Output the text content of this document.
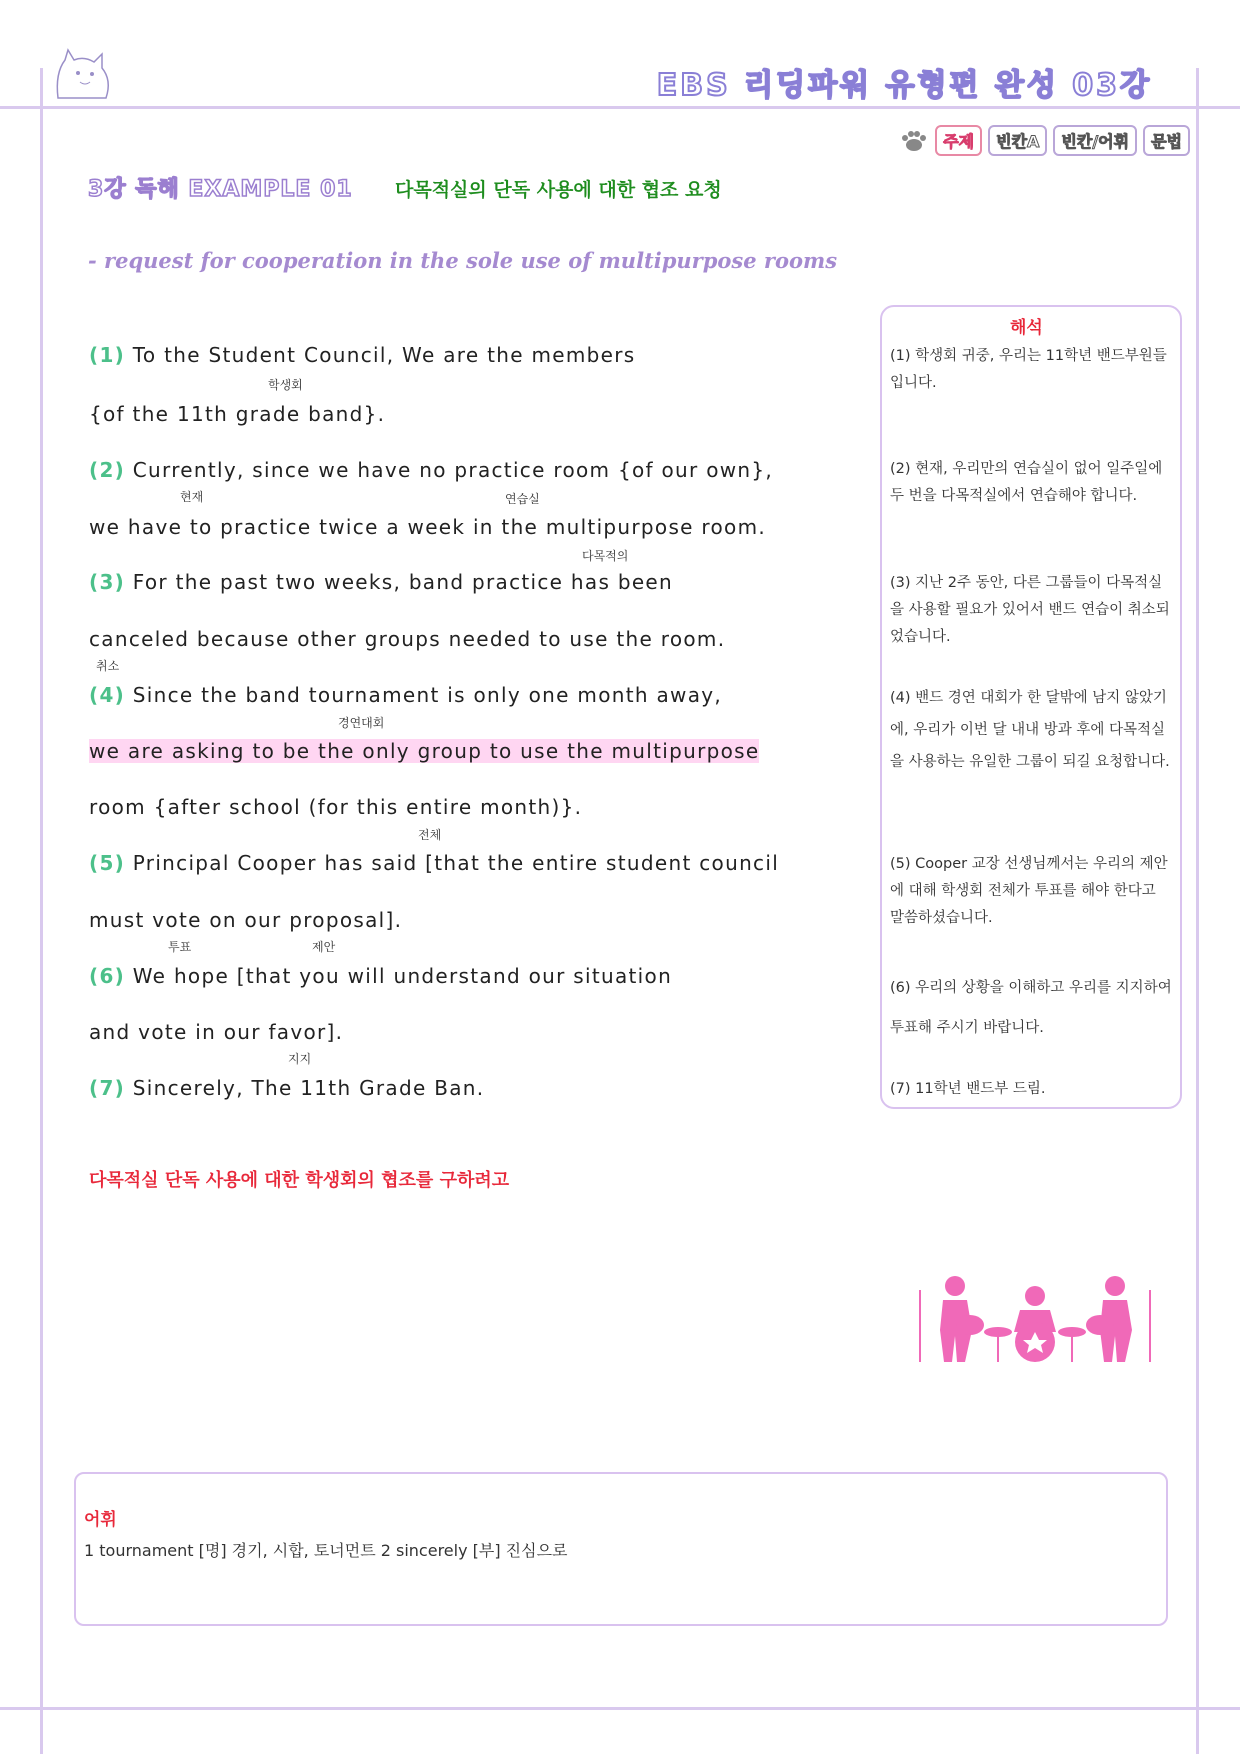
EBS 리딩파워 유형편 완성 03강
주제	빈칸A	빈칸/어휘	문법
3강 독해 EXAMPLE 01 다목적실의 단독 사용에 대한 협조 요청
- request for cooperation in the sole use of multipurpose rooms
(1) To the Student Council, We are the members
학생회
{of the 11th grade band}.
(2) Currently, since we have no practice room {of our own},
현재	연습실
we have to practice twice a week in the multipurpose room.
다목적의
(3) For the past two weeks, band practice has been
canceled because other groups needed to use the room.
취소
(4) Since the band tournament is only one month away,
경연대회
we are asking to be the only group to use the multipurpose
room {after school (for this entire month)}.
전체
(5) Principal Cooper has said [that the entire student council
must vote on our proposal].
투표	제안
(6) We hope [that you will understand our situation
and vote in our favor].
지지
(7) Sincerely, The 11th Grade Ban.
다목적실 단독 사용에 대한 학생회의 협조를 구하려고
해석
(1) 학생회 귀중, 우리는 11학년 밴드부원들입니다.
(2) 현재, 우리만의 연습실이 없어 일주일에 두 번을 다목적실에서 연습해야 합니다.
(3) 지난 2주 동안, 다른 그룹들이 다목적실을 사용할 필요가 있어서 밴드 연습이 취소되었습니다.
(4) 밴드 경연 대회가 한 달밖에 남지 않았기에, 우리가 이번 달 내내 방과 후에 다목적실을 사용하는 유일한 그룹이 되길 요청합니다.
(5) Cooper 교장 선생님께서는 우리의 제안에 대해 학생회 전체가 투표를 해야 한다고 말씀하셨습니다.
(6) 우리의 상황을 이해하고 우리를 지지하여 투표해 주시기 바랍니다.
(7) 11학년 밴드부 드림.
어휘
1 tournament [명] 경기, 시합, 토너먼트 2 sincerely [부] 진심으로
